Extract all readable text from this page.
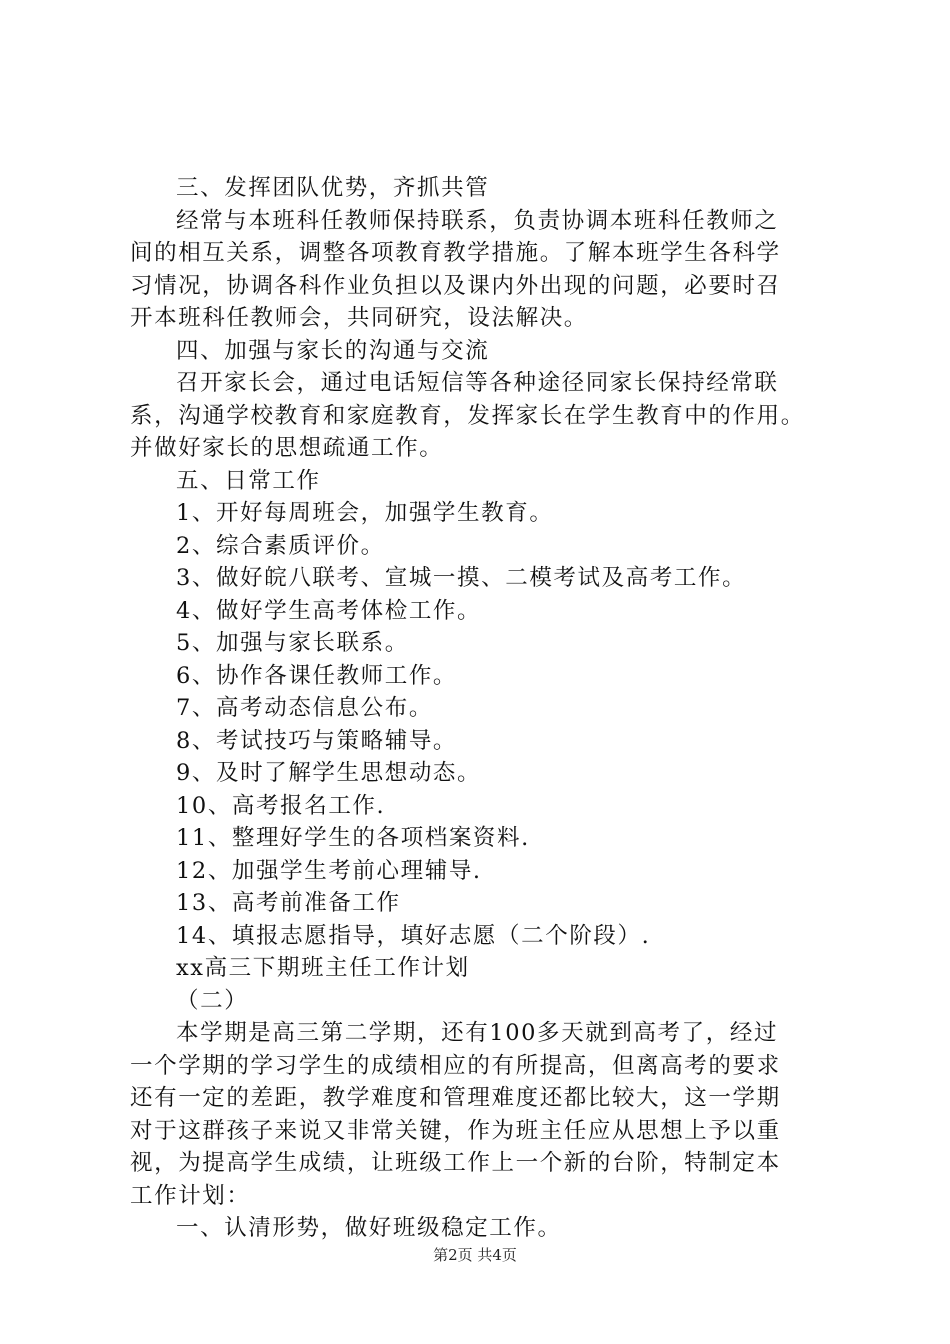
三、发挥团队优势，齐抓共管
经常与本班科任教师保持联系，负责协调本班科任教师之
间的相互关系，调整各项教育教学措施。了解本班学生各科学
习情况，协调各科作业负担以及课内外出现的问题，必要时召
开本班科任教师会，共同研究，设法解决。
四、加强与家长的沟通与交流
召开家长会，通过电话短信等各种途径同家长保持经常联
系，沟通学校教育和家庭教育，发挥家长在学生教育中的作用。
并做好家长的思想疏通工作。
五、日常工作
1、开好每周班会，加强学生教育。
2、综合素质评价。
3、做好皖八联考、宣城一摸、二模考试及高考工作。
4、做好学生高考体检工作。
5、加强与家长联系。
6、协作各课任教师工作。
7、高考动态信息公布。
8、考试技巧与策略辅导。
9、及时了解学生思想动态。
10、高考报名工作.
11、整理好学生的各项档案资料.
12、加强学生考前心理辅导.
13、高考前准备工作
14、填报志愿指导，填好志愿（二个阶段）.
xx高三下期班主任工作计划
（二）
本学期是高三第二学期，还有100多天就到高考了，经过
一个学期的学习学生的成绩相应的有所提高，但离高考的要求
还有一定的差距，教学难度和管理难度还都比较大，这一学期
对于这群孩子来说又非常关键，作为班主任应从思想上予以重
视，为提高学生成绩，让班级工作上一个新的台阶，特制定本
工作计划：
一、认清形势，做好班级稳定工作。
第2页 共4页
